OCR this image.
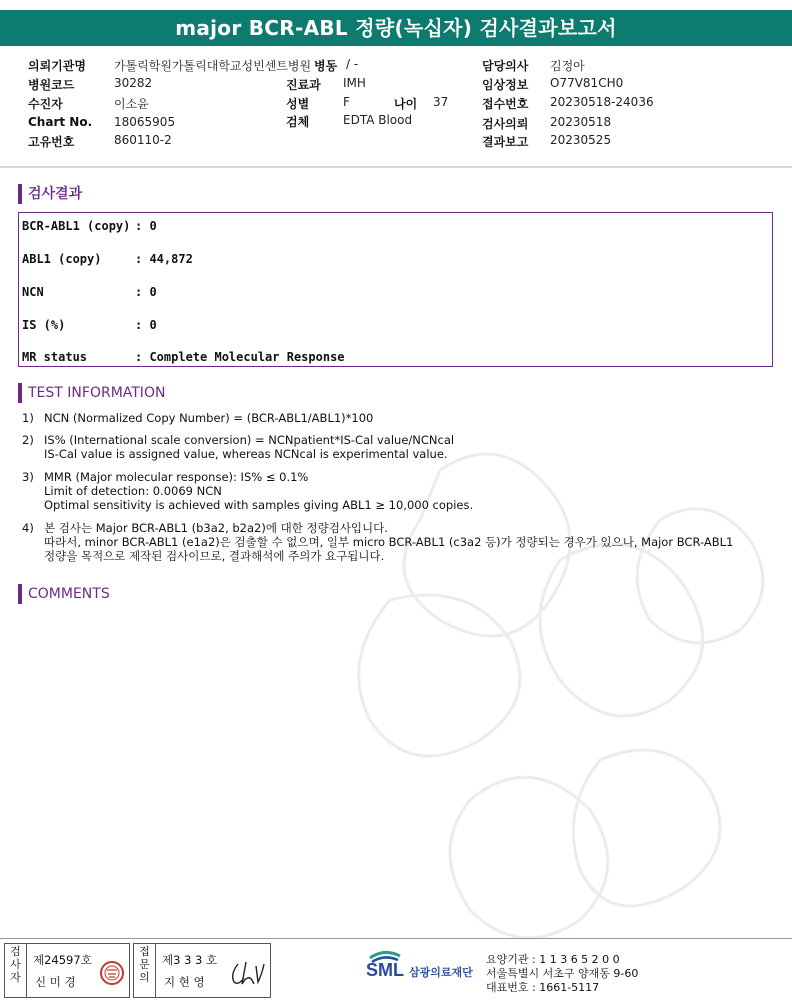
major BCR-ABL 정량(녹십자) 검사결과보고서
의뢰기관명 가톨릭학원가톨릭대학교성빈센트병원 병동 / -	담당의사 김정아
병원코드	30282	진료과 IMH	임상정보 O77V81CH0
수진자	이소윤	성별	F	나이 37	접수번호 20230518-24036
Chart No. 18065905	검체	EDTA Blood	검사의뢰 20230518
고유번호	860110-2	결과보고 20230525
검사결과
BCR-ABL1 (copy) : 0
ABL1 (copy)	: 44,872
NCN	: 0
IS (%)	: 0
MR status	: Complete Molecular Response
TEST INFORMATION
1) NCN (Normalized Copy Number) = (BCR-ABL1/ABL1)*100
2) IS% (International scale conversion) = NCNpatient*IS-Cal value/NCNcal
IS-Cal value is assigned value, whereas NCNcal is experimental value.
3) MMR (Major molecular response): IS% ≤ 0.1%
Limit of detection: 0.0069 NCN
Optimal sensitivity is achieved with samples giving ABL1 ≥ 10,000 copies.
4) 본 검사는 Major BCR-ABL1 (b3a2, b2a2)에 대한 정량검사입니다.
따라서, minor BCR-ABL1 (e1a2)은 검출할 수 없으며, 일부 micro BCR-ABL1 (c3a2 등)가 정량되는 경우가 있으나, Major BCR-ABL1
정량을 목적으로 제작된 검사이므로, 결과해석에 주의가 요구됩니다.
COMMENTS
검
사
자
제24597호
신 미 경
접
문
의
제3 3 3 호
지 현 영
SML 삼광의료재단
요양기관 : 1 1 3 6 5 2 0 0
서울특별시 서초구 양재동 9-60
대표번호 : 1661-5117
